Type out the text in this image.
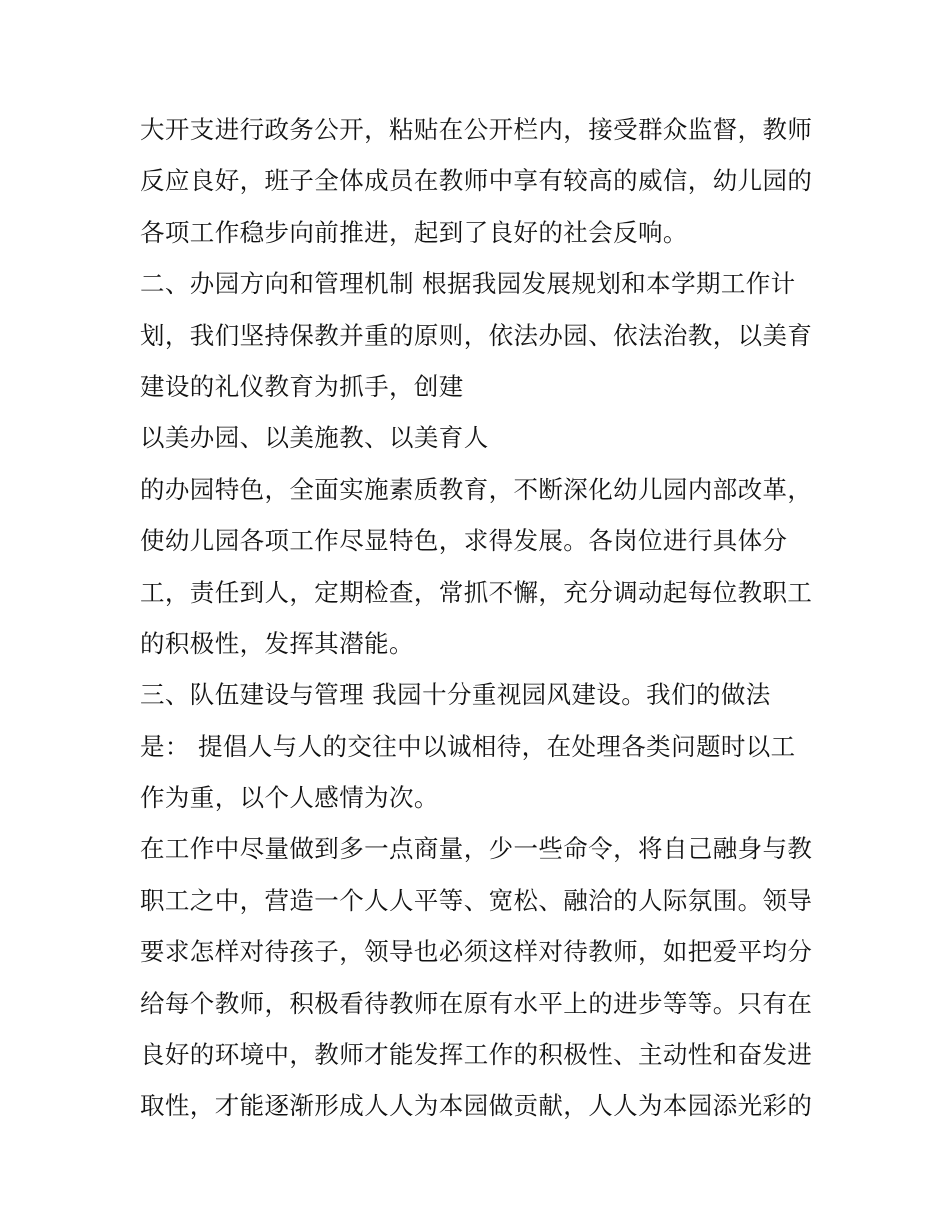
大开支进行政务公开，粘贴在公开栏内，接受群众监督，教师
反应良好，班子全体成员在教师中享有较高的威信，幼儿园的
各项工作稳步向前推进，起到了良好的社会反响。
二、办园方向和管理机制 根据我园发展规划和本学期工作计
划，我们坚持保教并重的原则，依法办园、依法治教，以美育
建设的礼仪教育为抓手，创建
以美办园、以美施教、以美育人
的办园特色，全面实施素质教育，不断深化幼儿园内部改革，
使幼儿园各项工作尽显特色，求得发展。各岗位进行具体分
工，责任到人，定期检查，常抓不懈，充分调动起每位教职工
的积极性，发挥其潜能。
三、队伍建设与管理 我园十分重视园风建设。我们的做法
是： 提倡人与人的交往中以诚相待，在处理各类问题时以工
作为重，以个人感情为次。
在工作中尽量做到多一点商量，少一些命令，将自己融身与教
职工之中，营造一个人人平等、宽松、融洽的人际氛围。领导
要求怎样对待孩子，领导也必须这样对待教师，如把爱平均分
给每个教师，积极看待教师在原有水平上的进步等等。只有在
良好的环境中，教师才能发挥工作的积极性、主动性和奋发进
取性，才能逐渐形成人人为本园做贡献，人人为本园添光彩的
